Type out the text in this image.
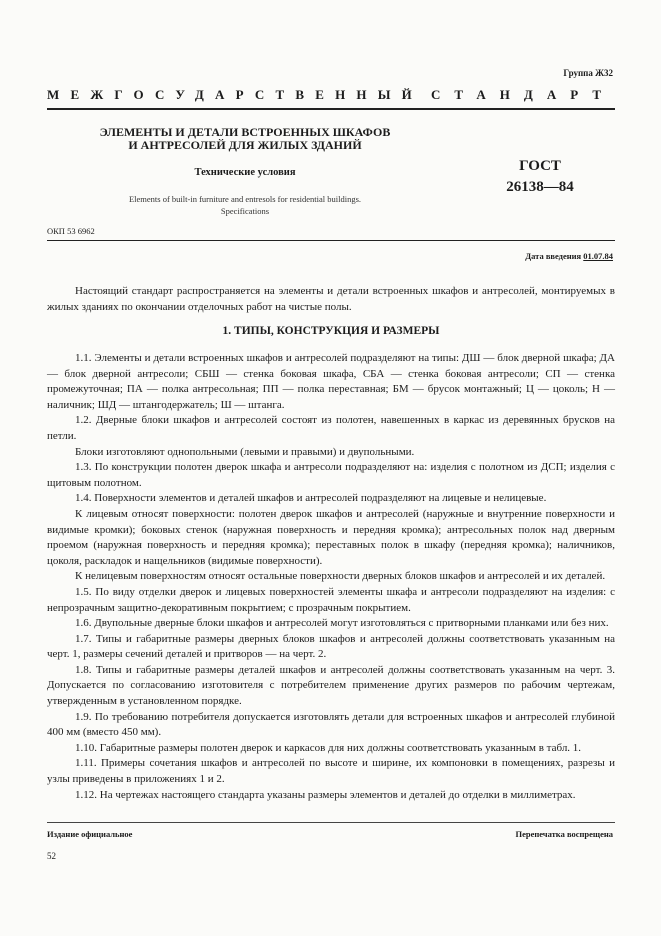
Группа Ж32
МЕЖГОСУДАРСТВЕННЫЙ СТАНДАРТ
ЭЛЕМЕНТЫ И ДЕТАЛИ ВСТРОЕННЫХ ШКАФОВ
И АНТРЕСОЛЕЙ ДЛЯ ЖИЛЫХ ЗДАНИЙ
Технические условия
Elements of built-in furniture and entresols for residential buildings.
Specifications
ГОСТ
26138—84
ОКП 53 6962
Дата введения 01.07.84

Настоящий стандарт распространяется на элементы и детали встроенных шкафов и антресолей, монтируемых в жилых зданиях по окончании отделочных работ на чистые полы.

1. ТИПЫ, КОНСТРУКЦИЯ И РАЗМЕРЫ

1.1. Элементы и детали встроенных шкафов и антресолей подразделяют на типы: ДШ — блок дверной шкафа; ДА — блок дверной антресоли; СБШ — стенка боковая шкафа, СБА — стенка боковая антресоли; СП — стенка промежуточная; ПА — полка антресольная; ПП — полка переставная; БМ — брусок монтажный; Ц — цоколь; Н — наличник; ШД — штангодержатель; Ш — штанга.

1.2. Дверные блоки шкафов и антресолей состоят из полотен, навешенных в каркас из деревянных брусков на петли.

Блоки изготовляют однопольными (левыми и правыми) и двупольными.

1.3. По конструкции полотен дверок шкафа и антресоли подразделяют на: изделия с полотном из ДСП; изделия с щитовым полотном.

1.4. Поверхности элементов и деталей шкафов и антресолей подразделяют на лицевые и нелицевые.

К лицевым относят поверхности: полотен дверок шкафов и антресолей (наружные и внутренние поверхности и видимые кромки); боковых стенок (наружная поверхность и передняя кромка); антресольных полок над дверным проемом (наружная поверхность и передняя кромка); переставных полок в шкафу (передняя кромка); наличников, цоколя, раскладок и нащельников (видимые поверхности).

К нелицевым поверхностям относят остальные поверхности дверных блоков шкафов и антресолей и их деталей.

1.5. По виду отделки дверок и лицевых поверхностей элементы шкафа и антресоли подразделяют на изделия: с непрозрачным защитно-декоративным покрытием; с прозрачным покрытием.

1.6. Двупольные дверные блоки шкафов и антресолей могут изготовляться с притворными планками или без них.

1.7. Типы и габаритные размеры дверных блоков шкафов и антресолей должны соответствовать указанным на черт. 1, размеры сечений деталей и притворов — на черт. 2.

1.8. Типы и габаритные размеры деталей шкафов и антресолей должны соответствовать указанным на черт. 3. Допускается по согласованию изготовителя с потребителем применение других размеров по рабочим чертежам, утвержденным в установленном порядке.

1.9. По требованию потребителя допускается изготовлять детали для встроенных шкафов и антресолей глубиной 400 мм (вместо 450 мм).

1.10. Габаритные размеры полотен дверок и каркасов для них должны соответствовать указанным в табл. 1.

1.11. Примеры сочетания шкафов и антресолей по высоте и ширине, их компоновки в помещениях, разрезы и узлы приведены в приложениях 1 и 2.

1.12. На чертежах настоящего стандарта указаны размеры элементов и деталей до отделки в миллиметрах.

Издание официальное	Перепечатка воспрещена
52
